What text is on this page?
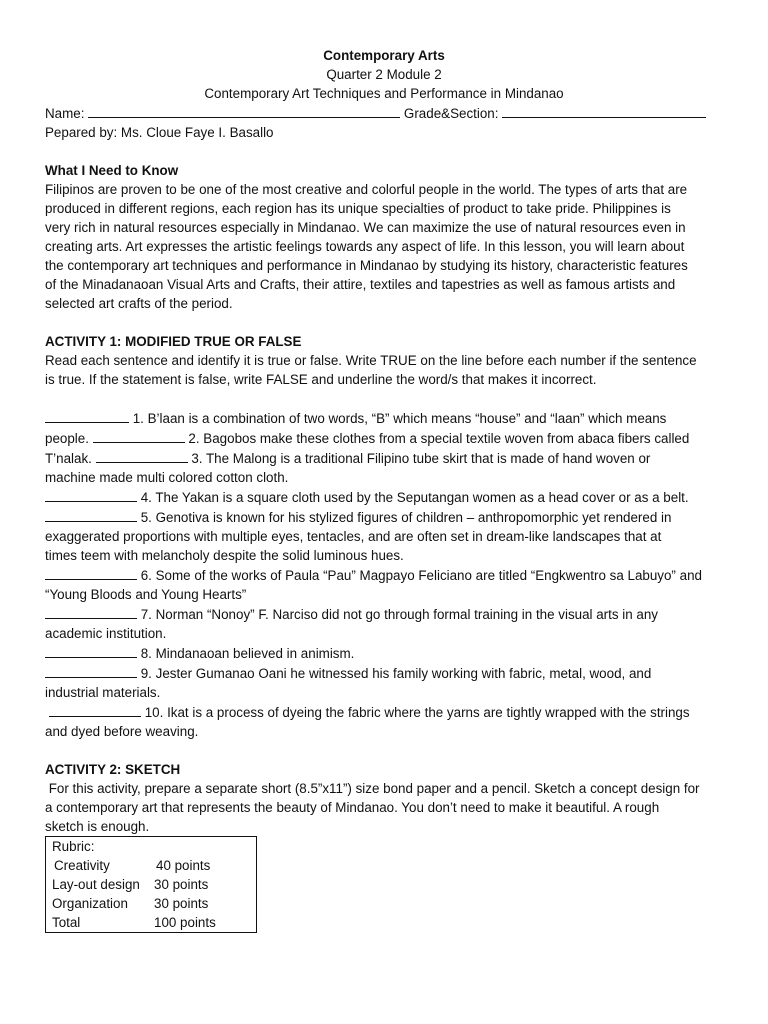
Contemporary Arts
Quarter 2 Module 2
Contemporary Art Techniques and Performance in Mindanao
Name:	Grade&Section:
Pepared by: Ms. Cloue Faye I. Basallo
What I Need to Know

Filipinos are proven to be one of the most creative and colorful people in the world. The types of arts that are

produced in different regions, each region has its unique specialties of product to take pride. Philippines is

very rich in natural resources especially in Mindanao. We can maximize the use of natural resources even in

creating arts. Art expresses the artistic feelings towards any aspect of life. In this lesson, you will learn about

the contemporary art techniques and performance in Mindanao by studying its history, characteristic features

of the Minadanaoan Visual Arts and Crafts, their attire, textiles and tapestries as well as famous artists and

selected art crafts of the period.

ACTIVITY 1: MODIFIED TRUE OR FALSE

Read each sentence and identify it is true or false. Write TRUE on the line before each number if the sentence

is true. If the statement is false, write FALSE and underline the word/s that makes it incorrect.

1. B’laan is a combination of two words, “B” which means “house” and “laan” which means

people.	2. Bagobos make these clothes from a special textile woven from abaca fibers called

T’nalak.	3. The Malong is a traditional Filipino tube skirt that is made of hand woven or

machine made multi colored cotton cloth.

4. The Yakan is a square cloth used by the Seputangan women as a head cover or as a belt.

5. Genotiva is known for his stylized figures of children – anthropomorphic yet rendered in

exaggerated proportions with multiple eyes, tentacles, and are often set in dream-like landscapes that at

times teem with melancholy despite the solid luminous hues.

6. Some of the works of Paula “Pau” Magpayo Feliciano are titled “Engkwentro sa Labuyo” and

“Young Bloods and Young Hearts”

7. Norman “Nonoy” F. Narciso did not go through formal training in the visual arts in any

academic institution.

8. Mindanaoan believed in animism.

9. Jester Gumanao Oani he witnessed his family working with fabric, metal, wood, and

industrial materials.

10. Ikat is a process of dyeing the fabric where the yarns are tightly wrapped with the strings

and dyed before weaving.

ACTIVITY 2: SKETCH

For this activity, prepare a separate short (8.5”x11”) size bond paper and a pencil. Sketch a concept design for

a contemporary art that represents the beauty of Mindanao. You don’t need to make it beautiful. A rough

sketch is enough.

Rubric:
Creativity	40 points
Lay-out design	30 points
Organization	30 points
Total	100 points
